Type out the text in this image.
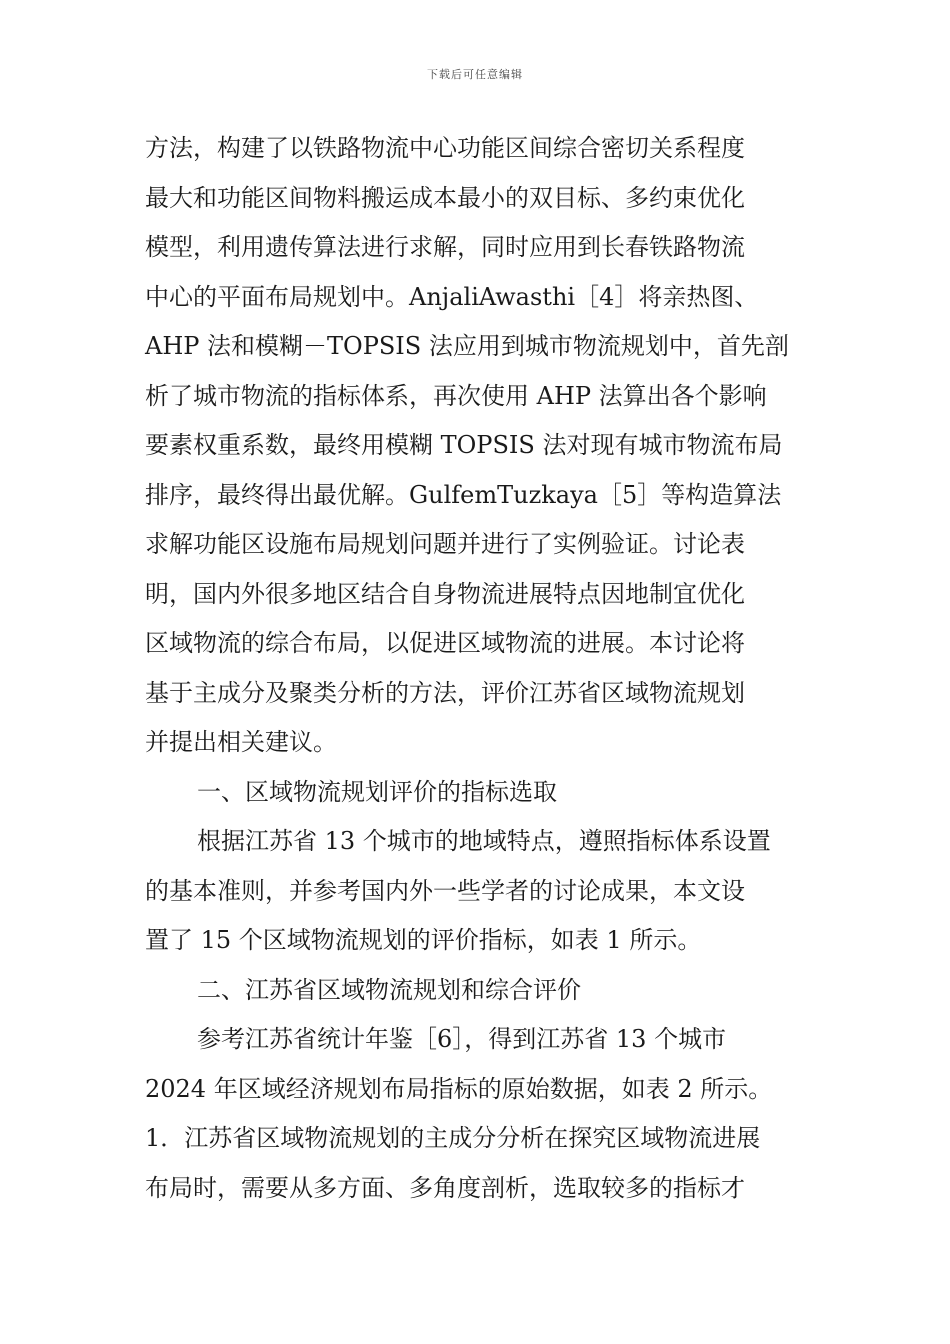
下载后可任意编辑
方法，构建了以铁路物流中心功能区间综合密切关系程度
最大和功能区间物料搬运成本最小的双目标、多约束优化
模型，利用遗传算法进行求解，同时应用到长春铁路物流
中心的平面布局规划中。AnjaliAwasthi［4］将亲热图、
AHP 法和模糊－TOPSIS 法应用到城市物流规划中，首先剖
析了城市物流的指标体系，再次使用 AHP 法算出各个影响
要素权重系数，最终用模糊 TOPSIS 法对现有城市物流布局
排序，最终得出最优解。GulfemTuzkaya［5］等构造算法
求解功能区设施布局规划问题并进行了实例验证。讨论表
明，国内外很多地区结合自身物流进展特点因地制宜优化
区域物流的综合布局，以促进区域物流的进展。本讨论将
基于主成分及聚类分析的方法，评价江苏省区域物流规划
并提出相关建议。
一、区域物流规划评价的指标选取
根据江苏省 13 个城市的地域特点，遵照指标体系设置
的基本准则，并参考国内外一些学者的讨论成果，本文设
置了 15 个区域物流规划的评价指标，如表 1 所示。
二、江苏省区域物流规划和综合评价
参考江苏省统计年鉴［6］，得到江苏省 13 个城市
2024 年区域经济规划布局指标的原始数据，如表 2 所示。
1．江苏省区域物流规划的主成分分析在探究区域物流进展
布局时，需要从多方面、多角度剖析，选取较多的指标才
